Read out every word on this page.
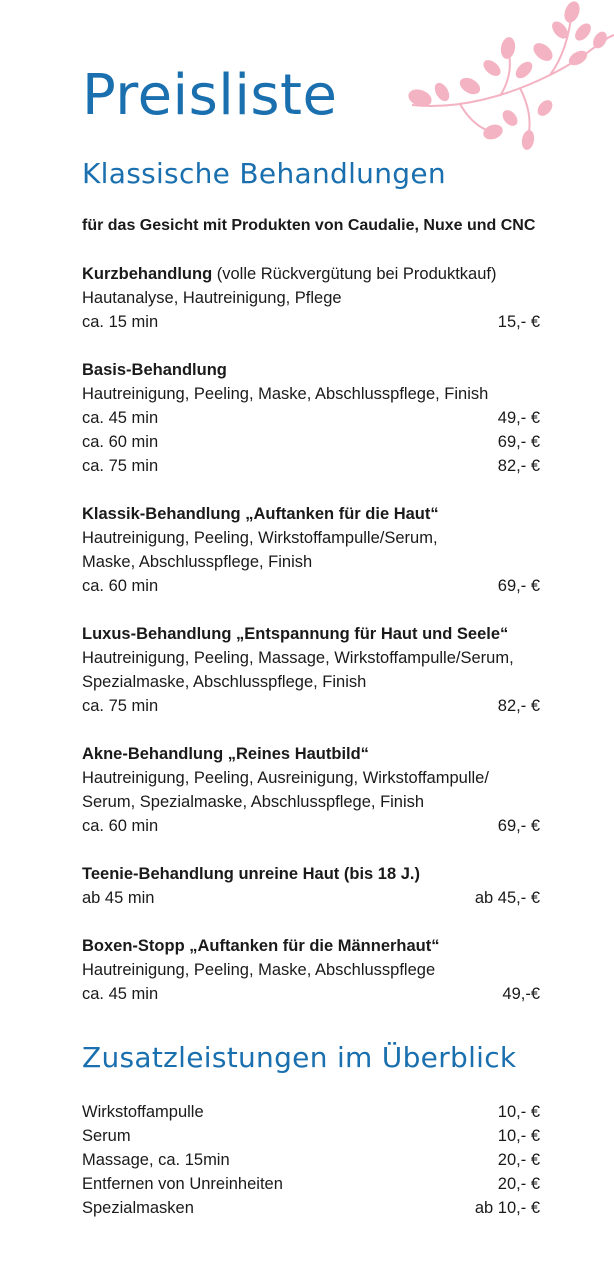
Preisliste
Klassische Behandlungen
für das Gesicht mit Produkten von Caudalie, Nuxe und CNC
Kurzbehandlung (volle Rückvergütung bei Produktkauf)
Hautanalyse, Hautreinigung, Pflege
ca. 15 min	15,- €
Basis-Behandlung
Hautreinigung, Peeling, Maske, Abschlusspflege, Finish
ca. 45 min	49,- €
ca. 60 min	69,- €
ca. 75 min	82,- €
Klassik-Behandlung „Auftanken für die Haut“
Hautreinigung, Peeling, Wirkstoffampulle/Serum,
Maske, Abschlusspflege, Finish
ca. 60 min	69,- €
Luxus-Behandlung „Entspannung für Haut und Seele“
Hautreinigung, Peeling, Massage, Wirkstoffampulle/Serum,
Spezialmaske, Abschlusspflege, Finish
ca. 75 min	82,- €
Akne-Behandlung „Reines Hautbild“
Hautreinigung, Peeling, Ausreinigung, Wirkstoffampulle/
Serum, Spezialmaske, Abschlusspflege, Finish
ca. 60 min	69,- €
Teenie-Behandlung unreine Haut (bis 18 J.)
ab 45 min	ab 45,- €
Boxen-Stopp „Auftanken für die Männerhaut“
Hautreinigung, Peeling, Maske, Abschlusspflege
ca. 45 min	49,-€
Zusatzleistungen im Überblick
Wirkstoffampulle	10,- €
Serum	10,- €
Massage, ca. 15min	20,- €
Entfernen von Unreinheiten	20,- €
Spezialmasken	ab 10,- €
